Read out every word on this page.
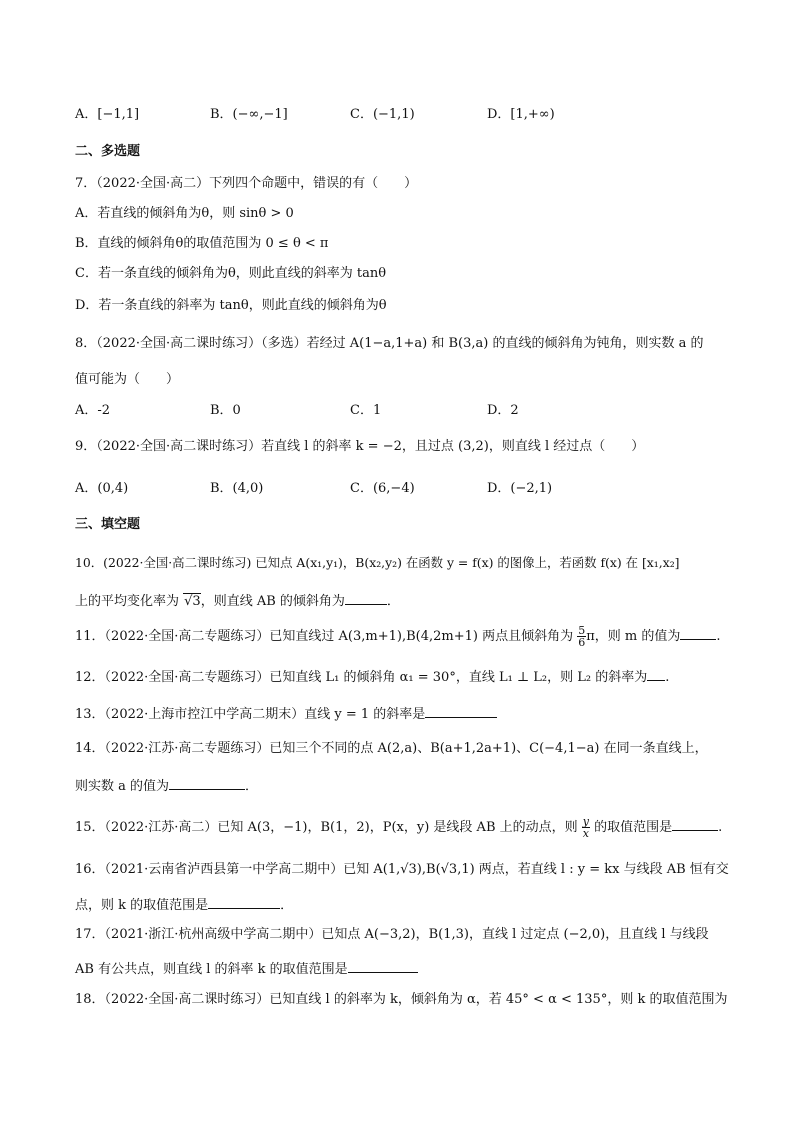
A．[−1,1]	B．(−∞,−1]	C．(−1,1)	D．[1,+∞)
二、多选题
7．（2022·全国·高二）下列四个命题中，错误的有（　　）
A．若直线的倾斜角为θ，则 sinθ > 0
B．直线的倾斜角θ的取值范围为 0 ≤ θ < π
C．若一条直线的倾斜角为θ，则此直线的斜率为 tanθ
D．若一条直线的斜率为 tanθ，则此直线的倾斜角为θ
8．（2022·全国·高二课时练习）（多选）若经过 A(1−a,1+a) 和 B(3,a) 的直线的倾斜角为钝角，则实数 a 的
值可能为（　　）
A．-2	B．0	C．1	D．2
9．（2022·全国·高二课时练习）若直线 l 的斜率 k = −2，且过点 (3,2)，则直线 l 经过点（　　）
A．(0,4)	B．(4,0)	C．(6,−4)	D．(−2,1)
三、填空题
10．(2022·全国·高二课时练习) 已知点 A(x₁,y₁)，B(x₂,y₂) 在函数 y = f(x) 的图像上，若函数 f(x) 在 [x₁,x₂]
上的平均变化率为 √3，则直线 AB 的倾斜角为	．
11．（2022·全国·高二专题练习）已知直线过 A(3,m+1),B(4,2m+1) 两点且倾斜角为 $\frac{5}{6}$ π，则 m 的值为	.
12．（2022·全国·高二专题练习）已知直线 L₁ 的倾斜角 α₁ = 30°，直线 L₁ ⊥ L₂，则 L₂ 的斜率为 .
13．（2022·上海市控江中学高二期末）直线 y = 1 的斜率是
14．（2022·江苏·高二专题练习）已知三个不同的点 A(2,a)、B(a+1,2a+1)、C(−4,1−a) 在同一条直线上，
则实数 a 的值为	．
15．（2022·江苏·高二）已知 A(3，−1)，B(1，2)，P(x，y) 是线段 AB 上的动点，则 $\frac{y}{x}$ 的取值范围是	.
16．（2021·云南省泸西县第一中学高二期中）已知 A(1,√3),B(√3,1) 两点，若直线 l : y = kx 与线段 AB 恒有交
点，则 k 的取值范围是	．
17．（2021·浙江·杭州高级中学高二期中）已知点 A(−3,2)，B(1,3)，直线 l 过定点 (−2,0)，且直线 l 与线段
AB 有公共点，则直线 l 的斜率 k 的取值范围是
18．（2022·全国·高二课时练习）已知直线 l 的斜率为 k，倾斜角为 α，若 45° < α < 135°，则 k 的取值范围为
